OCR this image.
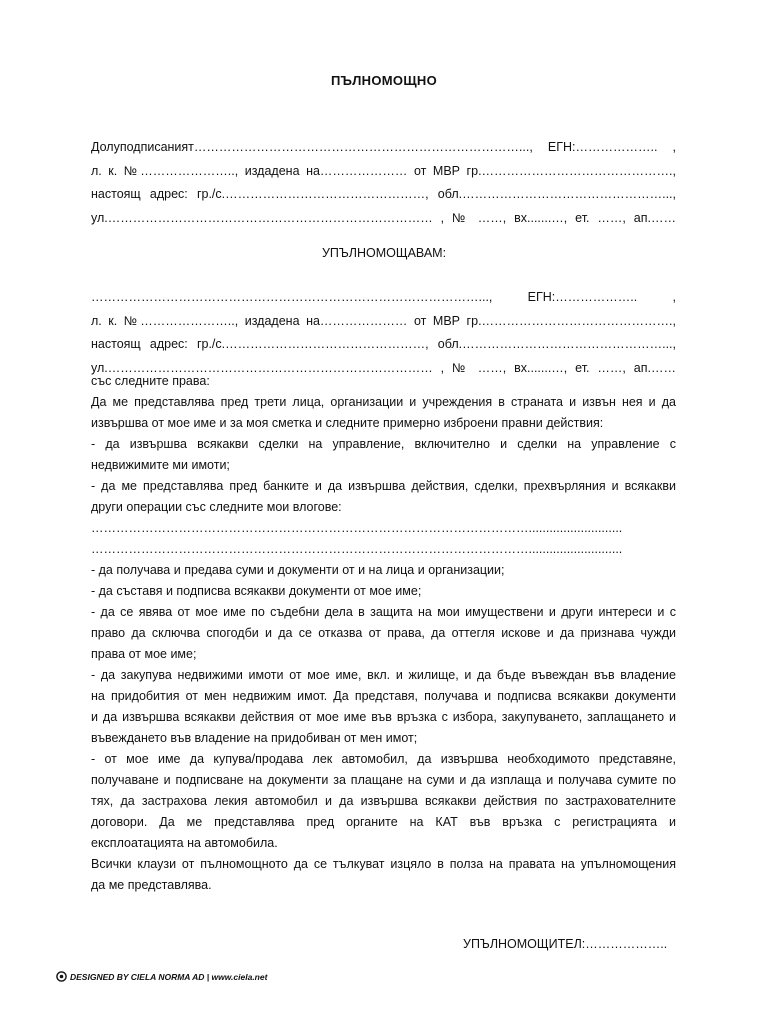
ПЪЛНОМОЩНО
Долуподписаният……………………………………………………………………..., ЕГН:……………….. ,
л. к. №………………….., издадена на………………… от МВР гр.……………………………………….,
настоящ адрес: гр./с.…………………………………………, обл.…………………………………………...,
ул.…………………………………………………………………… , № ……, вх.......…, ет. ……, ап.……
УПЪЛНОМОЩАВАМ:
…………………………………………………………………………………..., ЕГН:……………….. ,
л. к. №………………….., издадена на………………… от МВР гр.……………………………………….,
настоящ адрес: гр./с.…………………………………………, обл.…………………………………………...,
ул.…………………………………………………………………… , № ……, вх.......…, ет. ……, ап.……
със следните права:
Да ме представлява пред трети лица, организации и учреждения в страната и извън нея и да
извършва от мое име и за моя сметка и следните примерно изброени правни действия:
- да извършва всякакви сделки на управление, включително и сделки на управление с
недвижимите ми имоти;
- да ме представлява пред банките и да извършва действия, сделки, прехвърляния и всякакви
други операции със следните мои влогове:
……………………………………………………………………………………………...........................
……………………………………………………………………………………………...........................
- да получава и предава суми и документи от и на лица и организации;
- да съставя и подписва всякакви документи от мое име;
- да се явява от мое име по съдебни дела в защита на мои имуществени и други интереси и с
право да сключва спогодби и да се отказва от права, да оттегля искове и да признава чужди
права от мое име;
- да закупува недвижими имоти от мое име, вкл. и жилище, и да бъде въвеждан във владение
на придобития от мен недвижим имот. Да представя, получава и подписва всякакви документи
и да извършва всякакви действия от мое име във връзка с избора, закупуването, заплащането и
въвеждането във владение на придобиван от мен имот;
- от мое име да купува/продава лек автомобил, да извършва необходимото представяне,
получаване и подписване на документи за плащане на суми и да изплаща и получава сумите по
тях, да застрахова лекия автомобил и да извършва всякакви действия по застрахователните
договори. Да ме представлява пред органите на КАТ във връзка с регистрацията и
експлоатацията на автомобила.
Всички клаузи от пълномощното да се тълкуват изцяло в полза на правата на упълномощения
да ме представлява.
УПЪЛНОМОЩИТЕЛ:………………..
DESIGNED BY CIELA NORMA AD | www.ciela.net
